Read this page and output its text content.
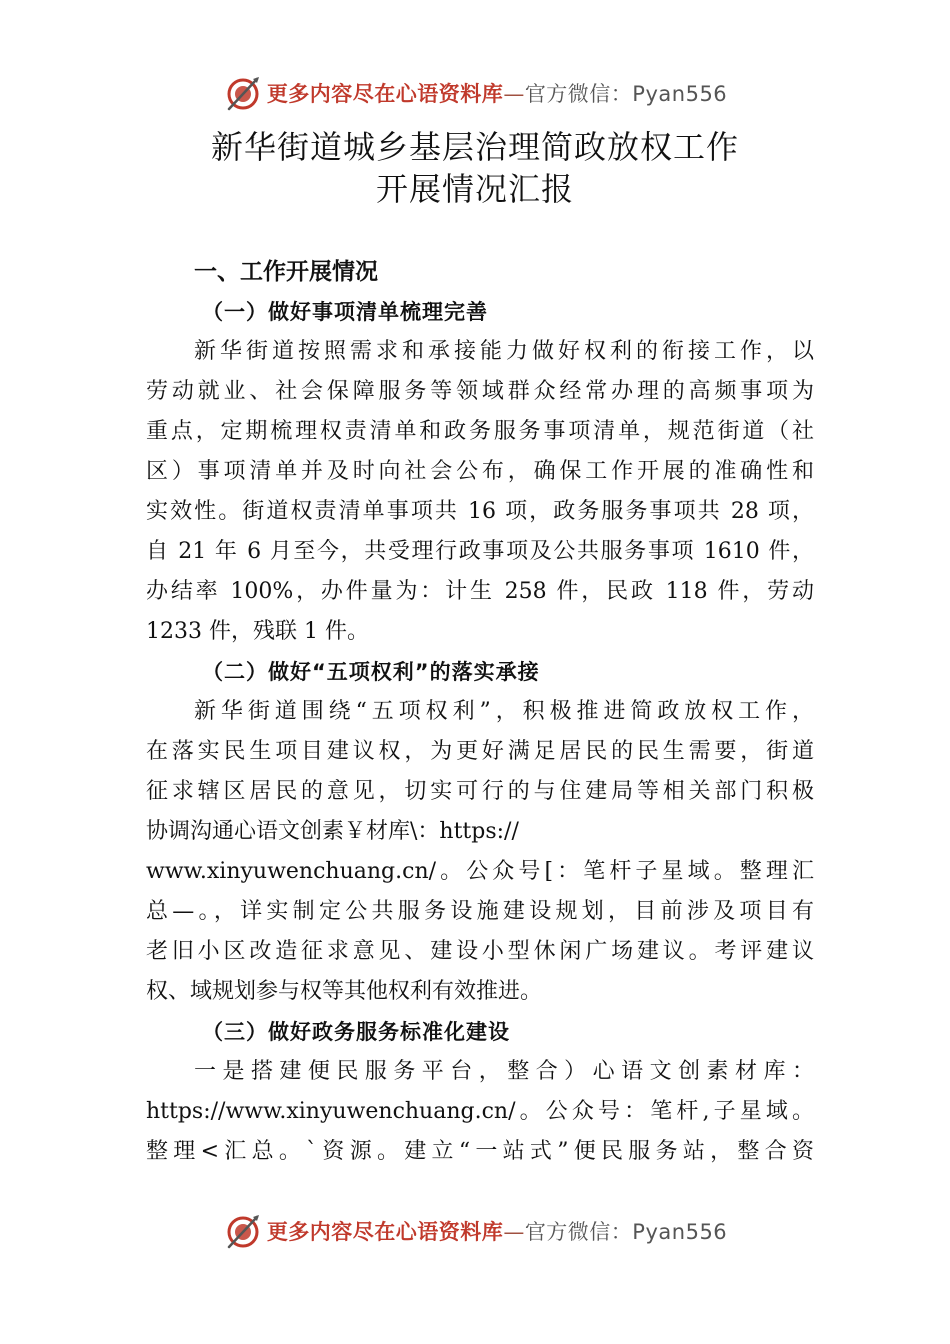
更多内容尽在心语资料库—官方微信：Pyan556
新华街道城乡基层治理简政放权工作
开展情况汇报
一、工作开展情况
（一）做好事项清单梳理完善
新华街道按照需求和承接能力做好权利的衔接工作，以
劳动就业、社会保障服务等领域群众经常办理的高频事项为
重点，定期梳理权责清单和政务服务事项清单，规范街道（社
区）事项清单并及时向社会公布，确保工作开展的准确性和
实效性。街道权责清单事项共 16 项，政务服务事项共 28 项，
自 21 年 6 月至今，共受理行政事项及公共服务事项 1610 件，
办结率 100%，办件量为：计生 258 件，民政 118 件，劳动
1233 件，残联 1 件。
（二）做好“五项权利”的落实承接
新华街道围绕“五项权利”，积极推进简政放权工作，
在落实民生项目建议权，为更好满足居民的民生需要，街道
征求辖区居民的意见，切实可行的与住建局等相关部门积极
协调沟通心语文创素￥材库\：https://
www.xinyuwenchuang.cn/。公众号[：笔杆子星域。整理汇
总—。，详实制定公共服务设施建设规划，目前涉及项目有
老旧小区改造征求意见、建设小型休闲广场建议。考评建议
权、域规划参与权等其他权利有效推进。
（三）做好政务服务标准化建设
一是搭建便民服务平台，整合）心语文创素材库：
https://www.xinyuwenchuang.cn/。公众号：笔杆,子星域。
整理<汇总。`资源。建立“一站式”便民服务站，整合资
更多内容尽在心语资料库—官方微信：Pyan556
